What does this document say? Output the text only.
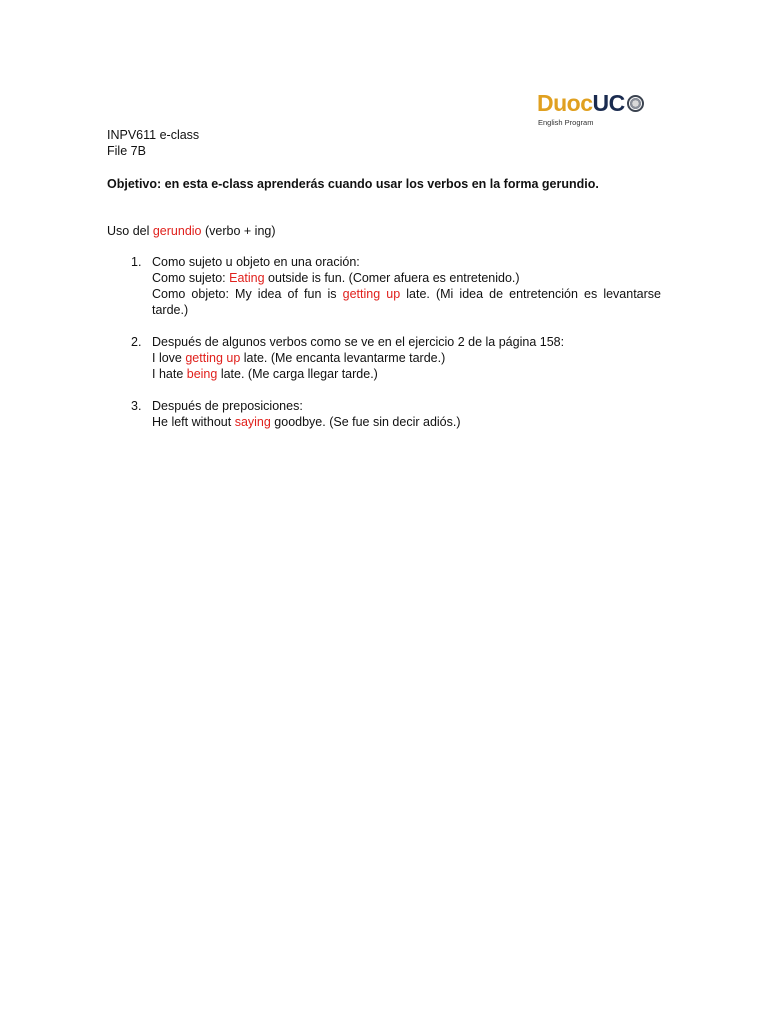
Duoc UC
English Program
INPV611 e-class
File 7B
Objetivo: en esta e-class aprenderás cuando usar los verbos en la forma gerundio.
Uso del gerundio (verbo + ing)
1. Como sujeto u objeto en una oración:
Como sujeto: Eating outside is fun. (Comer afuera es entretenido.)
Como objeto: My idea of fun is getting up late. (Mi idea de entretención es levantarse tarde.)
2. Después de algunos verbos como se ve en el ejercicio 2 de la página 158:
I love getting up late. (Me encanta levantarme tarde.)
I hate being late. (Me carga llegar tarde.)
3. Después de preposiciones:
He left without saying goodbye. (Se fue sin decir adiós.)
